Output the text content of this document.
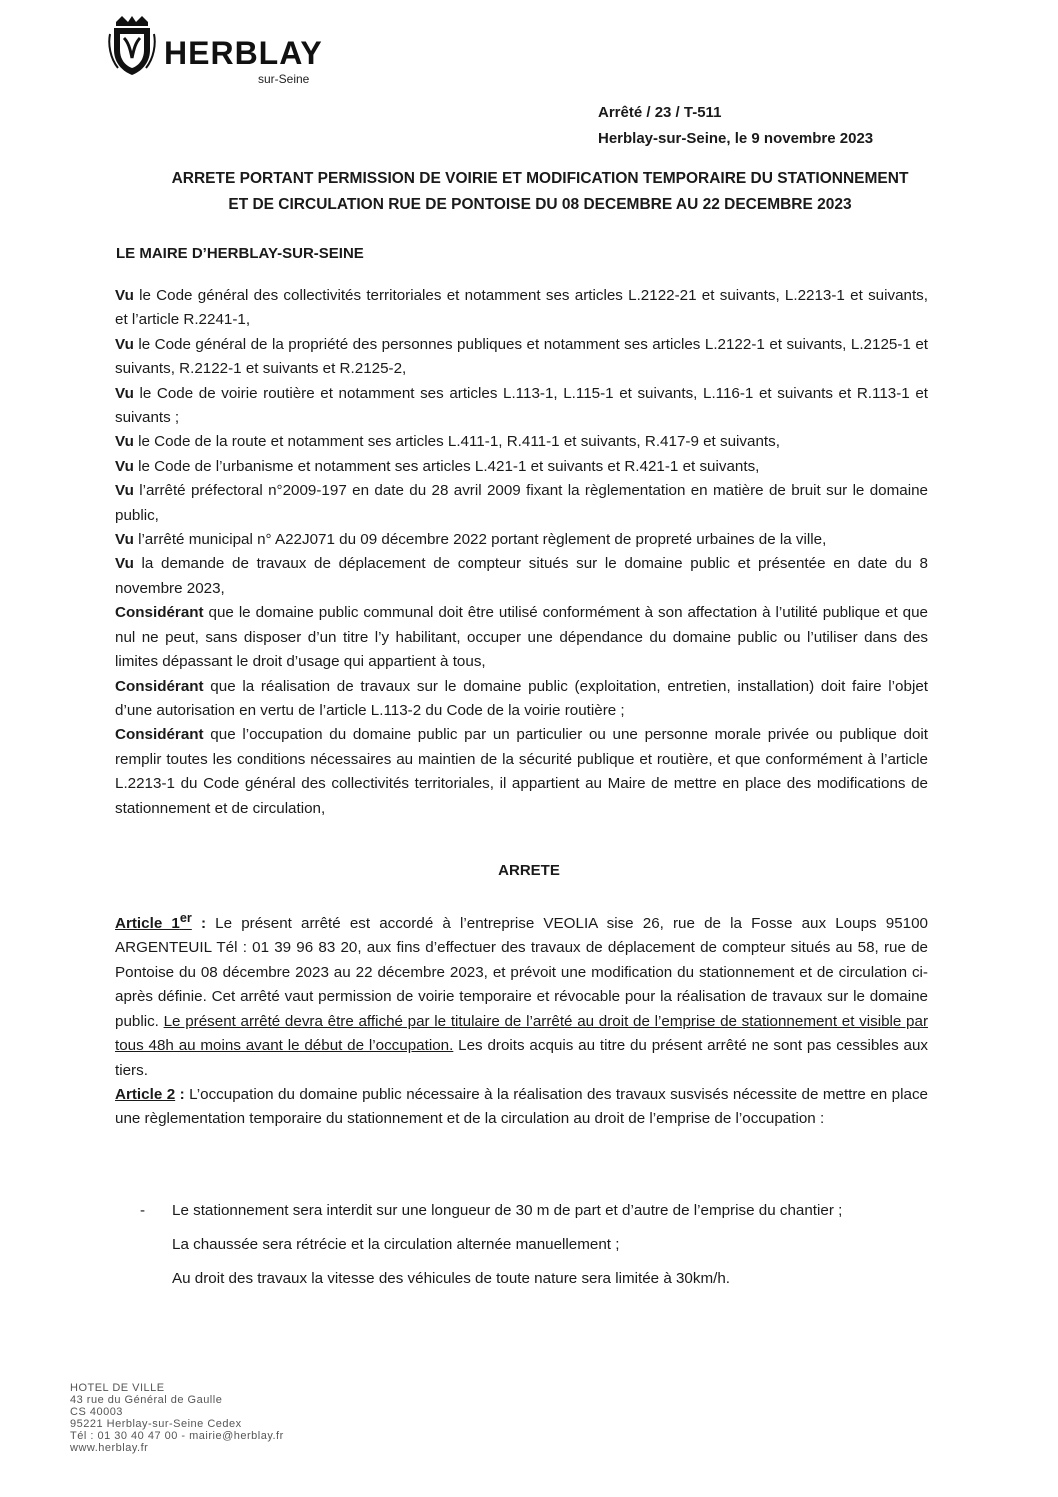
HERBLAY
sur-Seine
Arrêté / 23 / T-511
Herblay-sur-Seine, le 9 novembre 2023
ARRETE PORTANT PERMISSION DE VOIRIE ET MODIFICATION TEMPORAIRE DU STATIONNEMENT
ET DE CIRCULATION RUE DE PONTOISE DU 08 DECEMBRE AU 22 DECEMBRE 2023
LE MAIRE D’HERBLAY-SUR-SEINE

Vu le Code général des collectivités territoriales et notamment ses articles L.2122-21 et suivants, L.2213-1 et suivants, et l’article R.2241-1,

Vu le Code général de la propriété des personnes publiques et notamment ses articles L.2122-1 et suivants, L.2125-1 et suivants, R.2122-1 et suivants et R.2125-2,

Vu le Code de voirie routière et notamment ses articles L.113-1, L.115-1 et suivants, L.116-1 et suivants et R.113-1 et suivants ;

Vu le Code de la route et notamment ses articles L.411-1, R.411-1 et suivants, R.417-9 et suivants,

Vu le Code de l’urbanisme et notamment ses articles L.421-1 et suivants et R.421-1 et suivants,

Vu l’arrêté préfectoral n°2009-197 en date du 28 avril 2009 fixant la règlementation en matière de bruit sur le domaine public,

Vu l’arrêté municipal n° A22J071 du 09 décembre 2022 portant règlement de propreté urbaines de la ville,

Vu la demande de travaux de déplacement de compteur situés sur le domaine public et présentée en date du 8 novembre 2023,

Considérant que le domaine public communal doit être utilisé conformément à son affectation à l’utilité publique et que nul ne peut, sans disposer d’un titre l’y habilitant, occuper une dépendance du domaine public ou l’utiliser dans des limites dépassant le droit d’usage qui appartient à tous,

Considérant que la réalisation de travaux sur le domaine public (exploitation, entretien, installation) doit faire l’objet d’une autorisation en vertu de l’article L.113-2 du Code de la voirie routière ;

Considérant que l’occupation du domaine public par un particulier ou une personne morale privée ou publique doit remplir toutes les conditions nécessaires au maintien de la sécurité publique et routière, et que conformément à l’article L.2213-1 du Code général des collectivités territoriales, il appartient au Maire de mettre en place des modifications de stationnement et de circulation,

ARRETE

Article 1er : Le présent arrêté est accordé à l’entreprise VEOLIA sise 26, rue de la Fosse aux Loups 95100 ARGENTEUIL Tél : 01 39 96 83 20, aux fins d’effectuer des travaux de déplacement de compteur situés au 58, rue de Pontoise du 08 décembre 2023 au 22 décembre 2023, et prévoit une modification du stationnement et de circulation ci-après définie. Cet arrêté vaut permission de voirie temporaire et révocable pour la réalisation de travaux sur le domaine public. Le présent arrêté devra être affiché par le titulaire de l’arrêté au droit de l’emprise de stationnement et visible par tous 48h au moins avant le début de l’occupation. Les droits acquis au titre du présent arrêté ne sont pas cessibles aux tiers.

Article 2 : L’occupation du domaine public nécessaire à la réalisation des travaux susvisés nécessite de mettre en place une règlementation temporaire du stationnement et de la circulation au droit de l’emprise de l’occupation :

- Le stationnement sera interdit sur une longueur de 30 m de part et d’autre de l’emprise du chantier ;
La chaussée sera rétrécie et la circulation alternée manuellement ;
Au droit des travaux la vitesse des véhicules de toute nature sera limitée à 30km/h.
HOTEL DE VILLE
43 rue du Général de Gaulle
CS 40003
95221 Herblay-sur-Seine Cedex
Tél : 01 30 40 47 00 - mairie@herblay.fr
www.herblay.fr
